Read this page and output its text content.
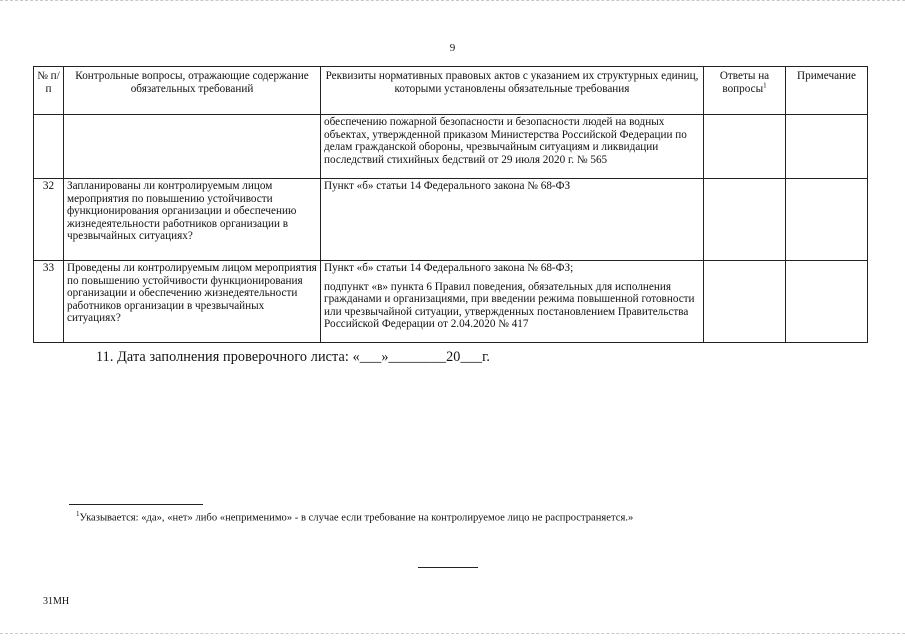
9
№ п/п	Контрольные вопросы, отражающие содержание обязательных требований	Реквизиты нормативных правовых актов с указанием их структурных единиц, которыми установлены обязательные требования	Ответы на вопросы$^1$	Примечание
		обеспечению пожарной безопасности и безопасности людей на водных объектах, утвержденной приказом Министерства Российской Федерации по делам гражданской обороны, чрезвычайным ситуациям и ликвидации последствий стихийных бедствий от 29 июля 2020 г. № 565		
32	Запланированы ли контролируемым лицом мероприятия по повышению устойчивости функционирования организации и обеспечению жизнедеятельности работников организации в чрезвычайных ситуациях?	Пункт «б» статьи 14 Федерального закона № 68-ФЗ		

33	Проведены ли контролируемым лицом мероприятия по повышению устойчивости функционирования организации и обеспечению жизнедеятельности работников организации в чрезвычайных ситуациях?	Пункт «б» статьи 14 Федерального закона № 68-ФЗ;

подпункт «в» пункта 6 Правил поведения, обязательных для исполнения гражданами и организациями, при введении режима повышенной готовности или чрезвычайной ситуации, утвержденных постановлением Правительства Российской Федерации от 2.04.2020 № 417		

11. Дата заполнения проверочного листа: «___»________20___г.
$^1$Указывается: «да», «нет» либо «неприменимо» - в случае если требование на контролируемое лицо не распространяется.»
31МН
